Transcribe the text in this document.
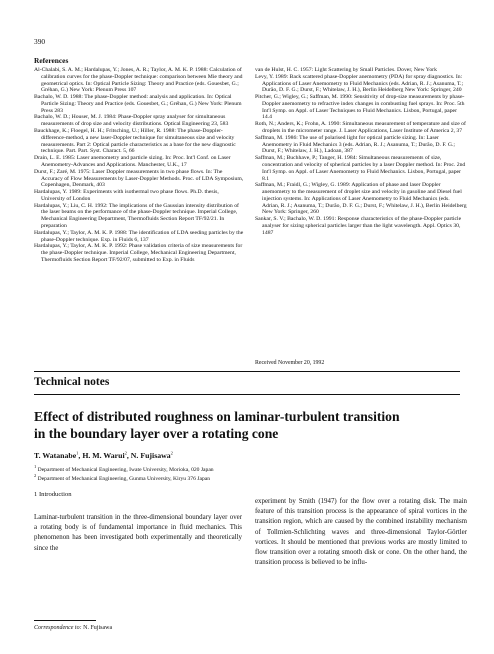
390
References

Al-Chalabi, S. A. M.; Hardalupas, Y.; Jones, A. R.; Taylor, A. M. K. P. 1988: Calculation of calibration curves for the phase-Doppler technique: comparison between Mie theory and geometrical optics. In: Optical Particle Sizing: Theory and Practice (eds. Gouesbet, G.; Gréhan, G.) New York: Plenum Press 107

Bachalo, W. D. 1988: The phase-Doppler method: analysis and application. In: Optical Particle Sizing: Theory and Practice (eds. Gouesbet, G.; Gréhan, G.) New York: Plenum Press 283

Bachalo, W. D.; Houser, M. J. 1984: Phase-Doppler spray analyser for simultaneous measurements of drop size and velocity distributions. Optical Engineering 23, 583

Bauckhage, K.; Floegel, H. H.; Fritsching, U.; Hiller, R. 1988: The phase-Doppler-difference-method, a new laser-Doppler technique for simultaneous size and velocity measurements. Part 2: Optical particle characteristics as a base for the new diagnostic technique. Part. Part. Syst. Charact. 5, 66

Drain, L. E. 1985: Laser anemometry and particle sizing. In: Proc. Int'l Conf. on Laser Anemometry-Advances and Applications. Manchester, U.K., 17

Durst, F.; Zaré, M. 1975: Laser Doppler measurements in two phase flows. In: The Accuracy of Flow Measurements by Laser-Doppler Methods. Proc. of LDA Symposium, Copenhagen, Denmark, 403

Hardalupas, Y. 1989: Experiments with isothermal two phase flows. Ph.D. thesis, University of London

Hardalupas, Y.; Liu, C. H. 1992: The implications of the Gaussian intensity distribution of the laser beams on the performance of the phase-Doppler technique. Imperial College, Mechanical Engineering Department, Thermofluids Section Report TF/92/21. In preparation

Hardalupas, Y.; Taylor, A. M. K. P. 1988: The identification of LDA seeding particles by the phase-Doppler technique. Exp. in Fluids 6, 137

Hardalupas, Y.; Taylor, A. M. K. P. 1992: Phase validation criteria of size measurements for the phase-Doppler technique. Imperial College, Mechanical Engineering Department, Thermofluids Section Report TF/92/07, submitted to Exp. in Fluids

van de Hulst, H. C. 1957: Light Scattering by Small Particles. Dover, New York

Levy, Y. 1989: Back scattered phase-Doppler anemometry (PDA) for spray diagnostics. In: Applications of Laser Anemometry to Fluid Mechanics (eds. Adrian, R. J.; Asanuma, T.; Durão, D. F. G.; Durst, F.; Whitelaw, J. H.), Berlin Heidelberg New York: Springer, 240

Pitcher, G.; Wigley, G.; Saffman, M. 1990: Sensitivity of drop-size measurements by phase-Doppler anemometry to refractive index changes in combusting fuel sprays. In: Proc. 5th Int'l Symp. on Appl. of Laser Techniques to Fluid Mechanics. Lisbon, Portugal, paper 14.4

Roth, N.; Anders, K.; Frohn, A. 1990: Simultaneous measurement of temperature and size of droplets in the micrometer range. J. Laser Applications, Laser Institute of America 2, 37

Saffman, M. 1986: The use of polarised light for optical particle sizing. In: Laser Anemometry in Fluid Mechanics 3 (eds. Adrian, R. J.; Asanuma, T.; Durão, D. F. G.; Durst, F.; Whitelaw, J. H.), Ladoan, 387

Saffman, M.; Buchhave, P.; Tanger, H. 1984: Simultaneous measurements of size, concentration and velocity of spherical particles by a laser Doppler method. In: Proc. 2nd Int'l Symp. on Appl. of Laser Anemometry to Fluid Mechanics. Lisbon, Portugal, paper 8.1

Saffman, M.; Fraidl, G.; Wigley, G. 1989: Application of phase and laser Doppler anemometry to the measurement of droplet size and velocity in gasoline and Diesel fuel injection systems. In: Applications of Laser Anemometry to Fluid Mechanics (eds. Adrian, R. J.; Asanuma, T.; Durão, D. F. G.; Durst, F.; Whitelaw, J. H.), Berlin Heidelberg New York: Springer, 260

Sankar, S. V.; Bachalo, W. D. 1991: Response characteristics of the phase-Doppler particle analyser for sizing spherical particles larger than the light wavelength. Appl. Optics 30, 1487

Received November 20, 1992
Technical notes
Effect of distributed roughness on laminar-turbulent transition
in the boundary layer over a rotating cone
T. Watanabe$^1$, H. M. Warui$^2$, N. Fujisawa$^2$
$^1$ Department of Mechanical Engineering, Iwate University, Morioka, 020 Japan
$^2$ Department of Mechanical Engineering, Gunma University, Kiryu 376 Japan
1 Introduction
Laminar-turbulent transition in the three-dimensional boundary layer over a rotating body is of fundamental importance in fluid mechanics. This phenomenon has been investigated both experimentally and theoretically since the
experiment by Smith (1947) for the flow over a rotating disk. The main feature of this transition process is the appearance of spiral vortices in the transition region, which are caused by the combined instability mechanism of Tollmien-Schlichting waves and three-dimensional Taylor-Görtler vortices. It should be mentioned that previous works are mostly limited to flow transition over a rotating smooth disk or cone. On the other hand, the transition process is believed to be influ-
Correspondence to: N. Fujisawa
